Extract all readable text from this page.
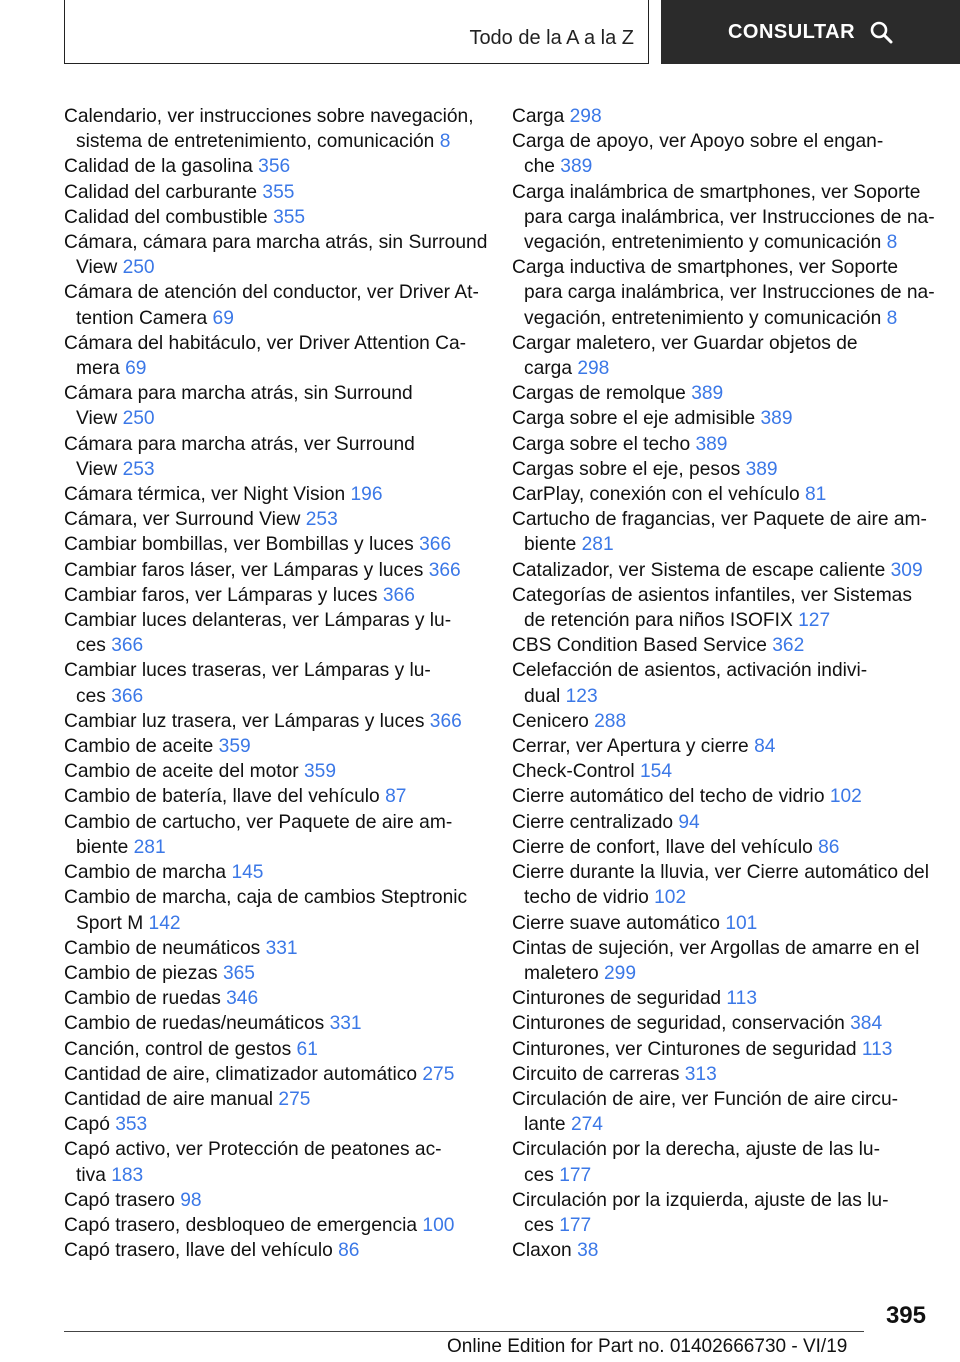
Todo de la A a la Z	CONSULTAR
Calendario, ver instrucciones sobre navegación,
sistema de entretenimiento, comunicación 8
Calidad de la gasolina 356
Calidad del carburante 355
Calidad del combustible 355
Cámara, cámara para marcha atrás, sin Surround
View 250
Cámara de atención del conductor, ver Driver At-
tention Camera 69
Cámara del habitáculo, ver Driver Attention Ca-
mera 69
Cámara para marcha atrás, sin Surround
View 250
Cámara para marcha atrás, ver Surround
View 253
Cámara térmica, ver Night Vision 196
Cámara, ver Surround View 253
Cambiar bombillas, ver Bombillas y luces 366
Cambiar faros láser, ver Lámparas y luces 366
Cambiar faros, ver Lámparas y luces 366
Cambiar luces delanteras, ver Lámparas y lu-
ces 366
Cambiar luces traseras, ver Lámparas y lu-
ces 366
Cambiar luz trasera, ver Lámparas y luces 366
Cambio de aceite 359
Cambio de aceite del motor 359
Cambio de batería, llave del vehículo 87
Cambio de cartucho, ver Paquete de aire am-
biente 281
Cambio de marcha 145
Cambio de marcha, caja de cambios Steptronic
Sport M 142
Cambio de neumáticos 331
Cambio de piezas 365
Cambio de ruedas 346
Cambio de ruedas/neumáticos 331
Canción, control de gestos 61
Cantidad de aire, climatizador automático 275
Cantidad de aire manual 275
Capó 353
Capó activo, ver Protección de peatones ac-
tiva 183
Capó trasero 98
Capó trasero, desbloqueo de emergencia 100
Capó trasero, llave del vehículo 86
Carga 298
Carga de apoyo, ver Apoyo sobre el engan-
che 389
Carga inalámbrica de smartphones, ver Soporte
para carga inalámbrica, ver Instrucciones de na-
vegación, entretenimiento y comunicación 8
Carga inductiva de smartphones, ver Soporte
para carga inalámbrica, ver Instrucciones de na-
vegación, entretenimiento y comunicación 8
Cargar maletero, ver Guardar objetos de
carga 298
Cargas de remolque 389
Carga sobre el eje admisible 389
Carga sobre el techo 389
Cargas sobre el eje, pesos 389
CarPlay, conexión con el vehículo 81
Cartucho de fragancias, ver Paquete de aire am-
biente 281
Catalizador, ver Sistema de escape caliente 309
Categorías de asientos infantiles, ver Sistemas
de retención para niños ISOFIX 127
CBS Condition Based Service 362
Celefacción de asientos, activación indivi-
dual 123
Cenicero 288
Cerrar, ver Apertura y cierre 84
Check-Control 154
Cierre automático del techo de vidrio 102
Cierre centralizado 94
Cierre de confort, llave del vehículo 86
Cierre durante la lluvia, ver Cierre automático del
techo de vidrio 102
Cierre suave automático 101
Cintas de sujeción, ver Argollas de amarre en el
maletero 299
Cinturones de seguridad 113
Cinturones de seguridad, conservación 384
Cinturones, ver Cinturones de seguridad 113
Circuito de carreras 313
Circulación de aire, ver Función de aire circu-
lante 274
Circulación por la derecha, ajuste de las lu-
ces 177
Circulación por la izquierda, ajuste de las lu-
ces 177
Claxon 38
395
Online Edition for Part no. 01402666730 - VI/19
